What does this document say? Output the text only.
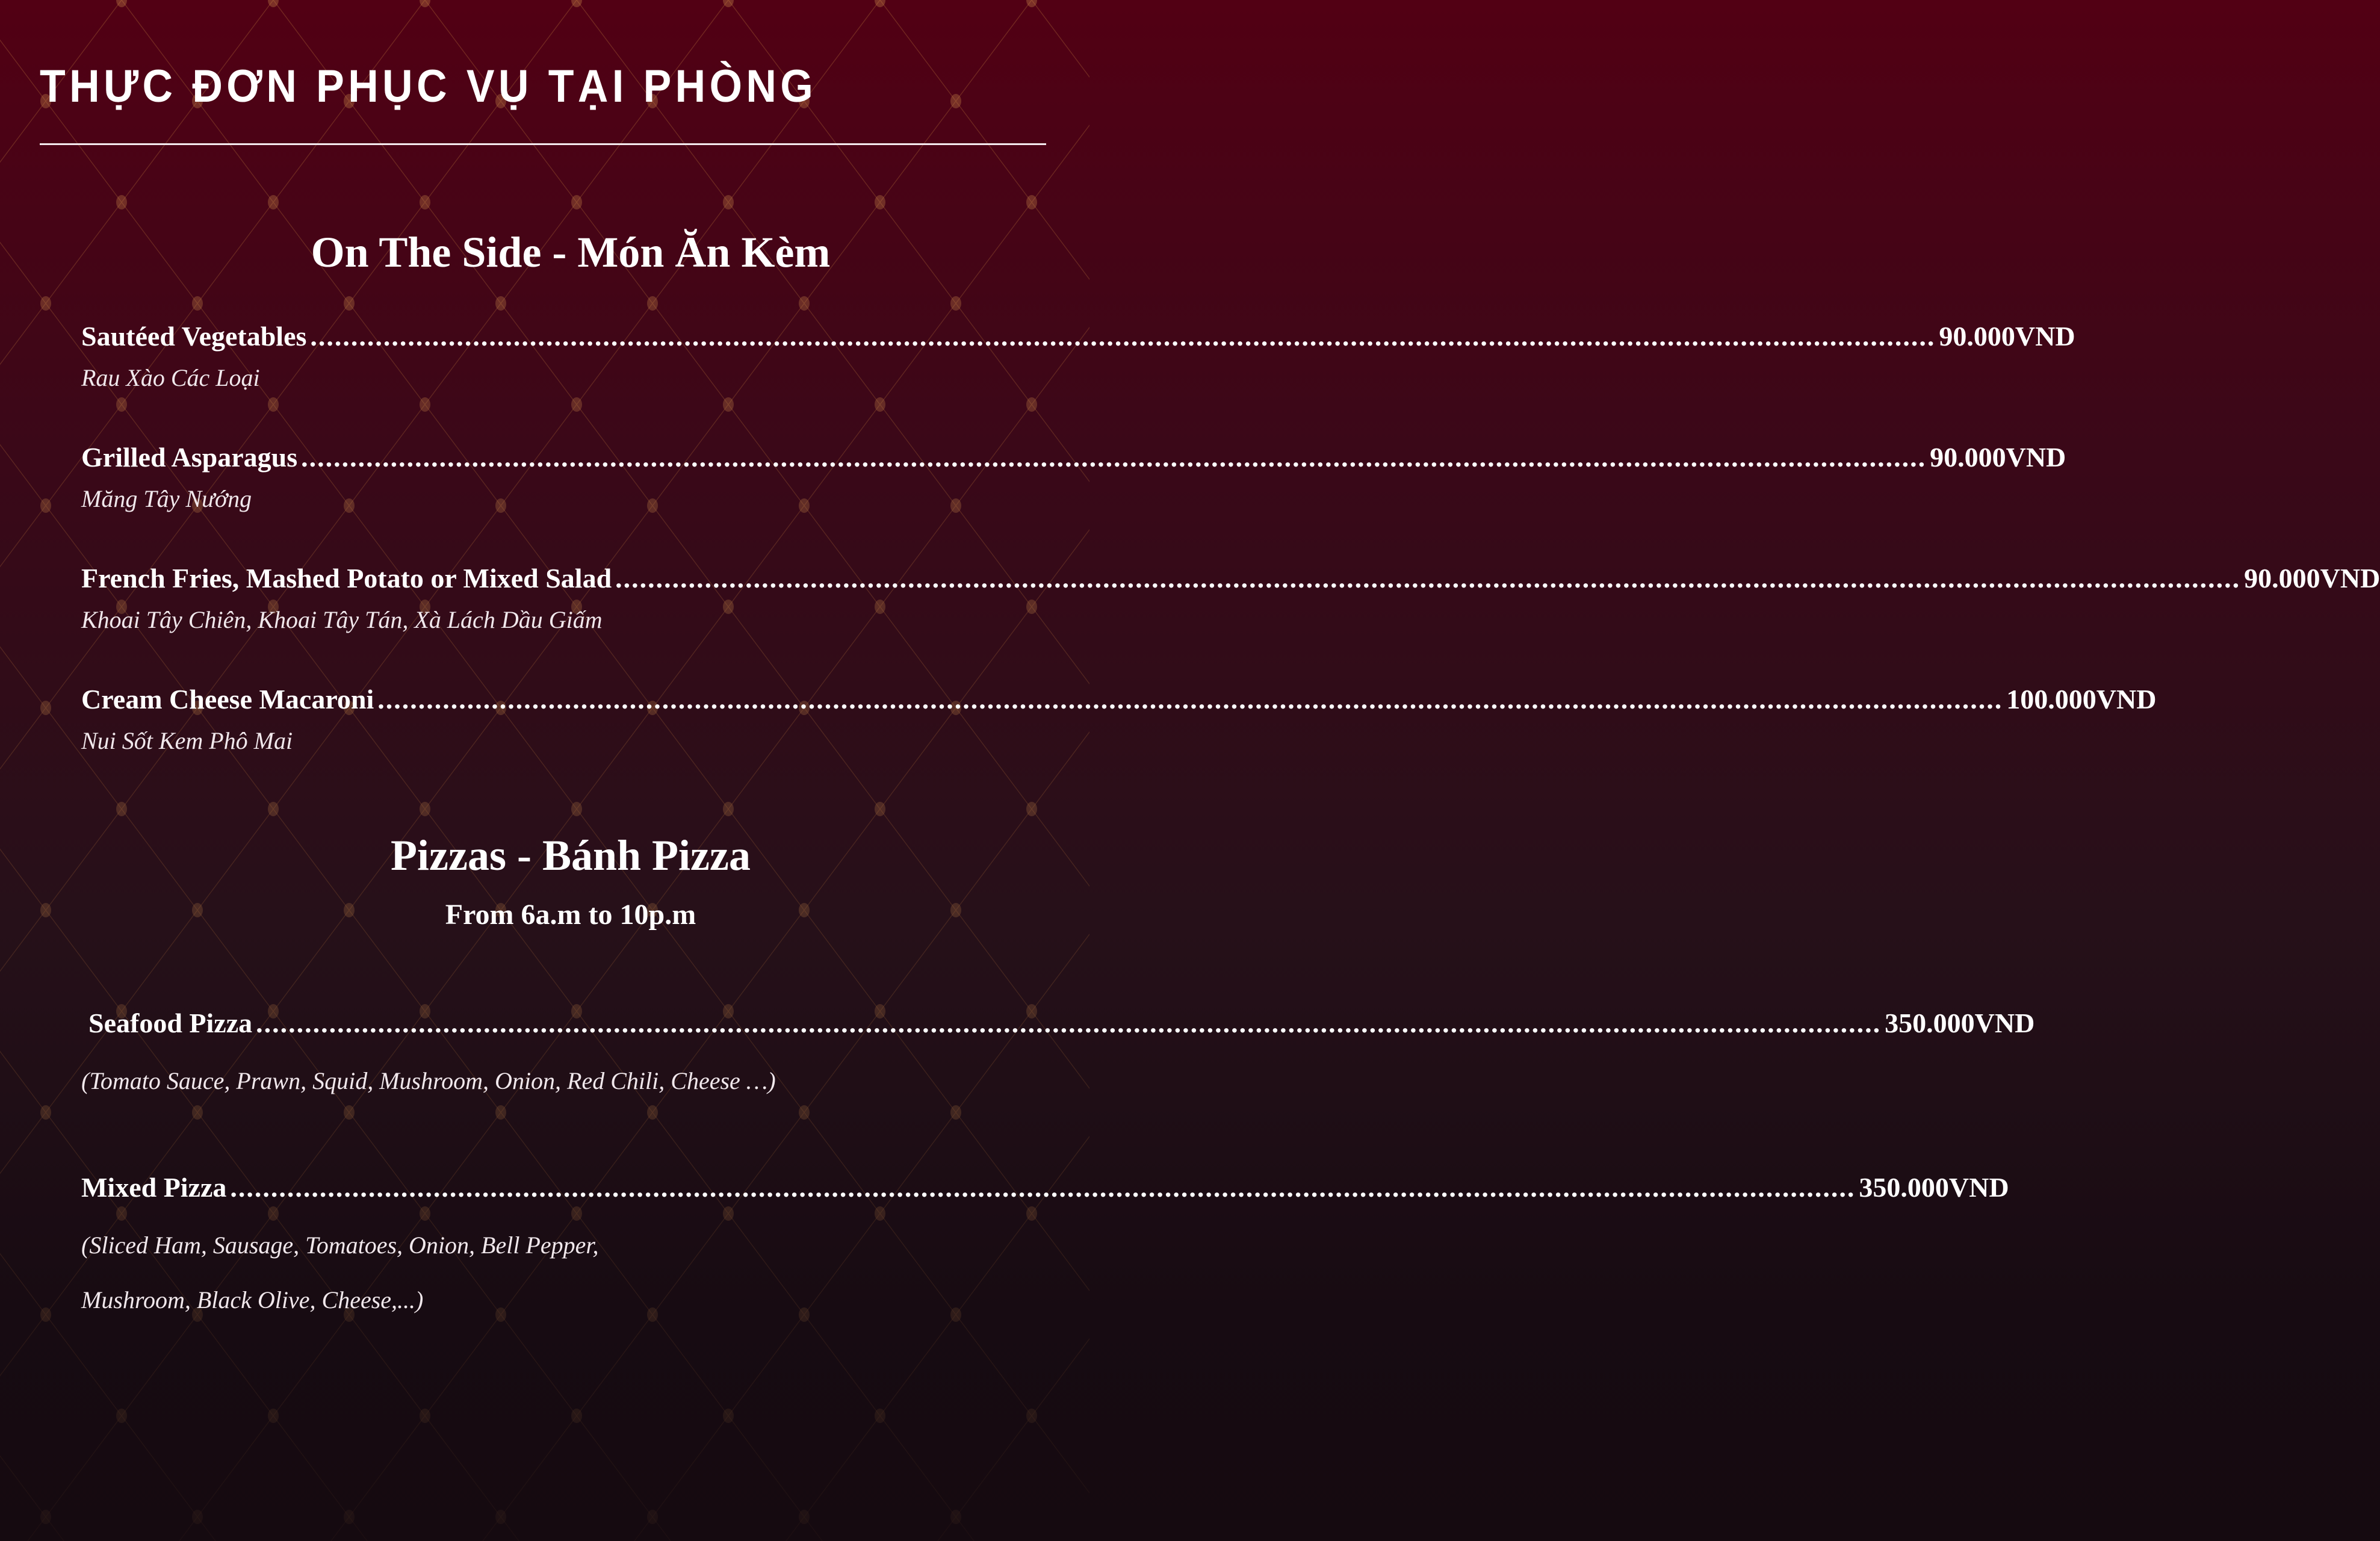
THỰC ĐƠN PHỤC VỤ TẠI PHÒNG
On The Side - Món Ăn Kèm
Sautéed Vegetables ........................................................................................................................................................................................................ 90.000VND
Rau Xào Các Loại
Grilled Asparagus ........................................................................................................................................................................................................ 90.000VND
Măng Tây Nướng
French Fries, Mashed Potato or Mixed Salad ........................................................................................................................................................................................................ 90.000VND
Khoai Tây Chiên, Khoai Tây Tán, Xà Lách Dầu Giấm
Cream Cheese Macaroni ........................................................................................................................................................................................................ 100.000VND
Nui Sốt Kem Phô Mai
Pizzas - Bánh Pizza
From 6a.m to 10p.m
Seafood Pizza ........................................................................................................................................................................................................ 350.000VND
(Tomato Sauce, Prawn, Squid, Mushroom, Onion, Red Chili, Cheese …)
Mixed Pizza ........................................................................................................................................................................................................ 350.000VND
(Sliced Ham, Sausage, Tomatoes, Onion, Bell Pepper,
Mushroom, Black Olive, Cheese,...)
